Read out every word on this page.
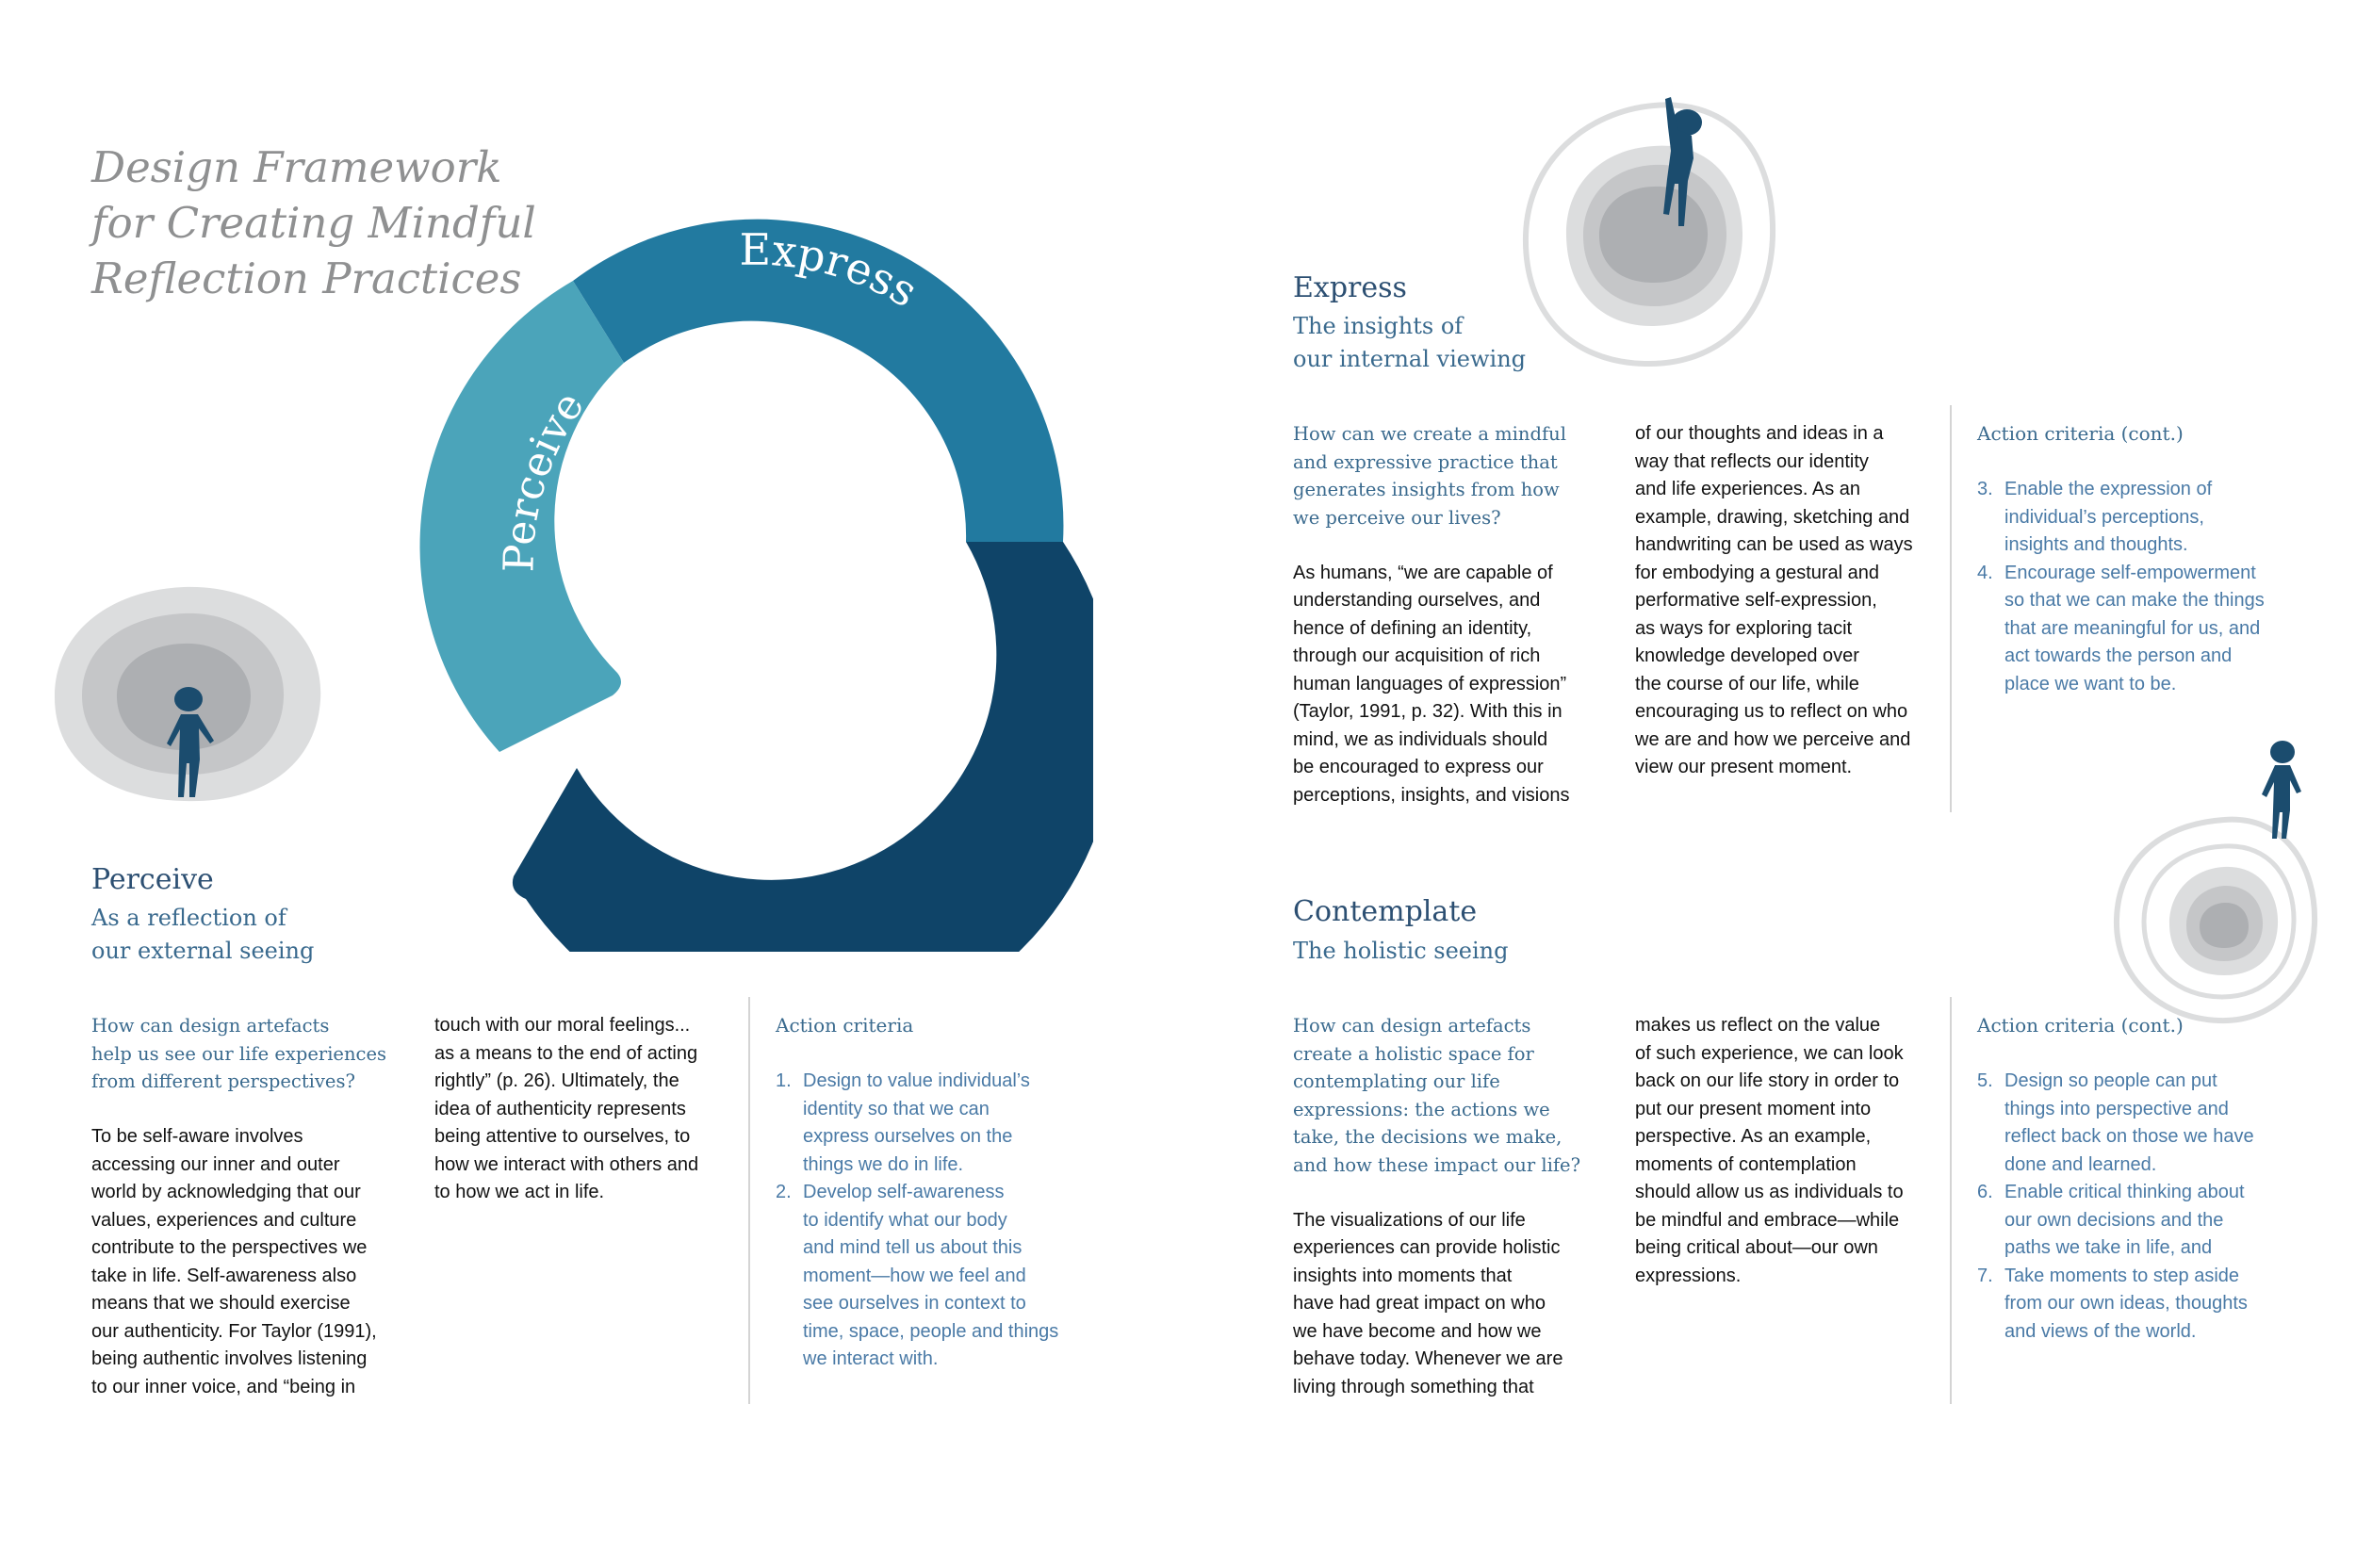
Design Framework
for Creating Mindful
Reflection Practices
Express
Perceive
Contemplate
Perceive
As a reflection of
our external seeing

How can design artefacts

help us see our life experiences

from different perspectives?

To be self-aware involves

accessing our inner and outer

world by acknowledging that our

values, experiences and culture

contribute to the perspectives we

take in life. Self-awareness also

means that we should exercise

our authenticity. For Taylor (1991),

being authentic involves listening

to our inner voice, and “being in

touch with our moral feelings...

as a means to the end of acting

rightly” (p. 26). Ultimately, the

idea of authenticity represents

being attentive to ourselves, to

how we interact with others and

to how we act in life.

Action criteria
1. Design to value individual’s

identity so that we can

express ourselves on the

things we do in life.

2. Develop self-awareness

to identify what our body

and mind tell us about this

moment—how we feel and

see ourselves in context to

time, space, people and things

we interact with.

Express
The insights of
our internal viewing

How can we create a mindful

and expressive practice that

generates insights from how

we perceive our lives?

As humans, “we are capable of

understanding ourselves, and

hence of defining an identity,

through our acquisition of rich

human languages of expression”

(Taylor, 1991, p. 32). With this in

mind, we as individuals should

be encouraged to express our

perceptions, insights, and visions

of our thoughts and ideas in a

way that reflects our identity

and life experiences. As an

example, drawing, sketching and

handwriting can be used as ways

for embodying a gestural and

performative self-expression,

as ways for exploring tacit

knowledge developed over

the course of our life, while

encouraging us to reflect on who

we are and how we perceive and

view our present moment.

Action criteria (cont.)
3. Enable the expression of

individual’s perceptions,

insights and thoughts.

4. Encourage self-empowerment

so that we can make the things

that are meaningful for us, and

act towards the person and

place we want to be.

Contemplate
The holistic seeing

How can design artefacts

create a holistic space for

contemplating our life

expressions: the actions we

take, the decisions we make,

and how these impact our life?

The visualizations of our life

experiences can provide holistic

insights into moments that

have had great impact on who

we have become and how we

behave today. Whenever we are

living through something that

makes us reflect on the value

of such experience, we can look

back on our life story in order to

put our present moment into

perspective. As an example,

moments of contemplation

should allow us as individuals to

be mindful and embrace—while

being critical about—our own

expressions.

Action criteria (cont.)
5. Design so people can put

things into perspective and

reflect back on those we have

done and learned.

6. Enable critical thinking about

our own decisions and the

paths we take in life, and

7. Take moments to step aside

from our own ideas, thoughts

and views of the world.
